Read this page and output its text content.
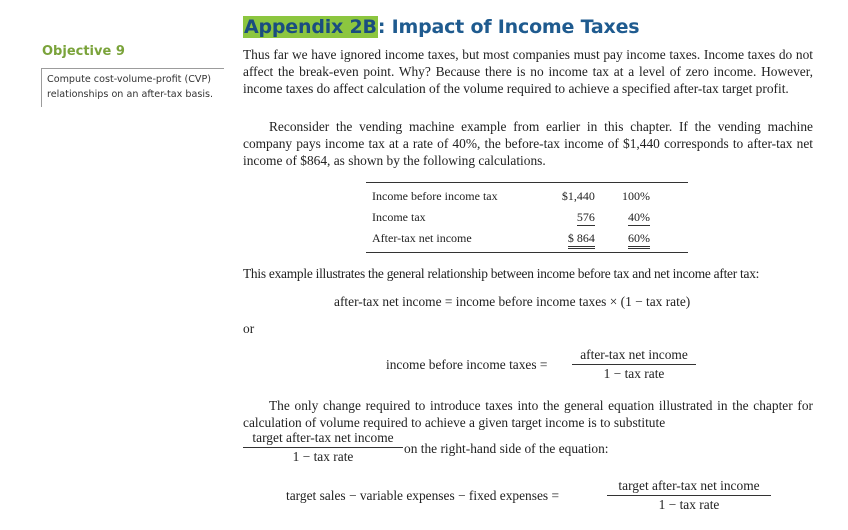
Appendix 2B: Impact of Income Taxes
Objective 9
Compute cost-volume-profit (CVP) relationships on an after-tax basis.
Thus far we have ignored income taxes, but most companies must pay income taxes. Income taxes do not affect the break-even point. Why? Because there is no income tax at a level of zero income. However, income taxes do affect calculation of the volume required to achieve a specified after-tax target profit.
Reconsider the vending machine example from earlier in this chapter. If the vending machine company pays income tax at a rate of 40%, the before-tax income of $1,440 corresponds to after-tax net income of $864, as shown by the following calculations.
Income before income tax	$1,440	100%
Income tax	576	40%
After-tax net income	$ 864	60%
This example illustrates the general relationship between income before tax and net income after tax:
after-tax net income = income before income taxes × (1 − tax rate)
or
income before income taxes =
after-tax net income
1 − tax rate
The only change required to introduce taxes into the general equation illustrated in the chapter for calculation of volume required to achieve a given target income is to substitute
target after-tax net income
1 − tax rate
on the right-hand side of the equation:
target sales − variable expenses − fixed expenses =
target after-tax net income
1 − tax rate
